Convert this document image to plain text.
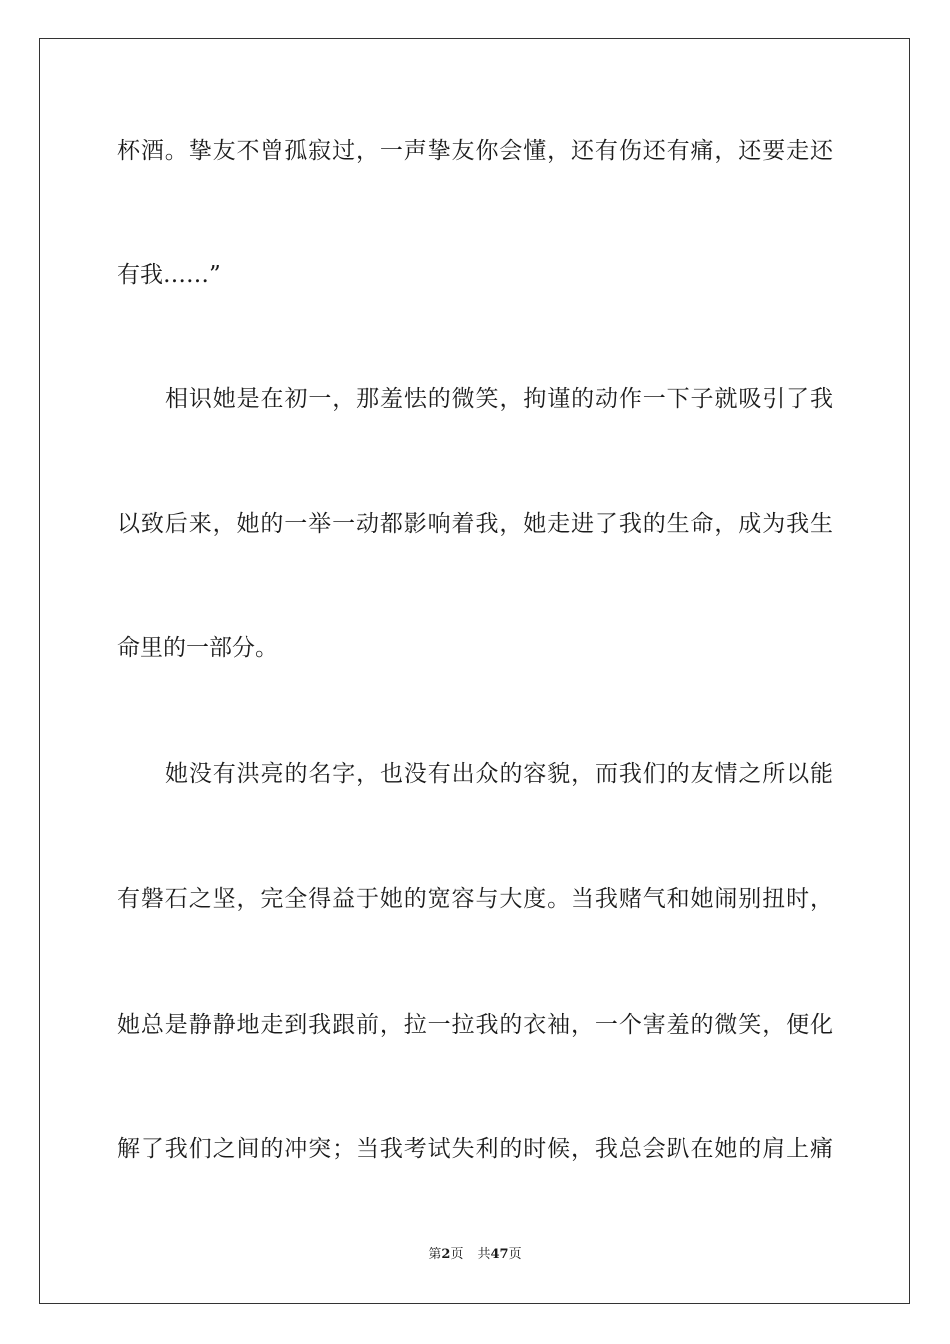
杯酒。挚友不曾孤寂过，一声挚友你会懂，还有伤还有痛，还要走还
有我……”
相识她是在初一，那羞怯的微笑，拘谨的动作一下子就吸引了我
以致后来，她的一举一动都影响着我，她走进了我的生命，成为我生
命里的一部分。
她没有洪亮的名字，也没有出众的容貌，而我们的友情之所以能
有磐石之坚，完全得益于她的宽容与大度。当我赌气和她闹别扭时，
她总是静静地走到我跟前，拉一拉我的衣袖，一个害羞的微笑，便化
解了我们之间的冲突；当我考试失利的时候，我总会趴在她的肩上痛
第2页 共47页
